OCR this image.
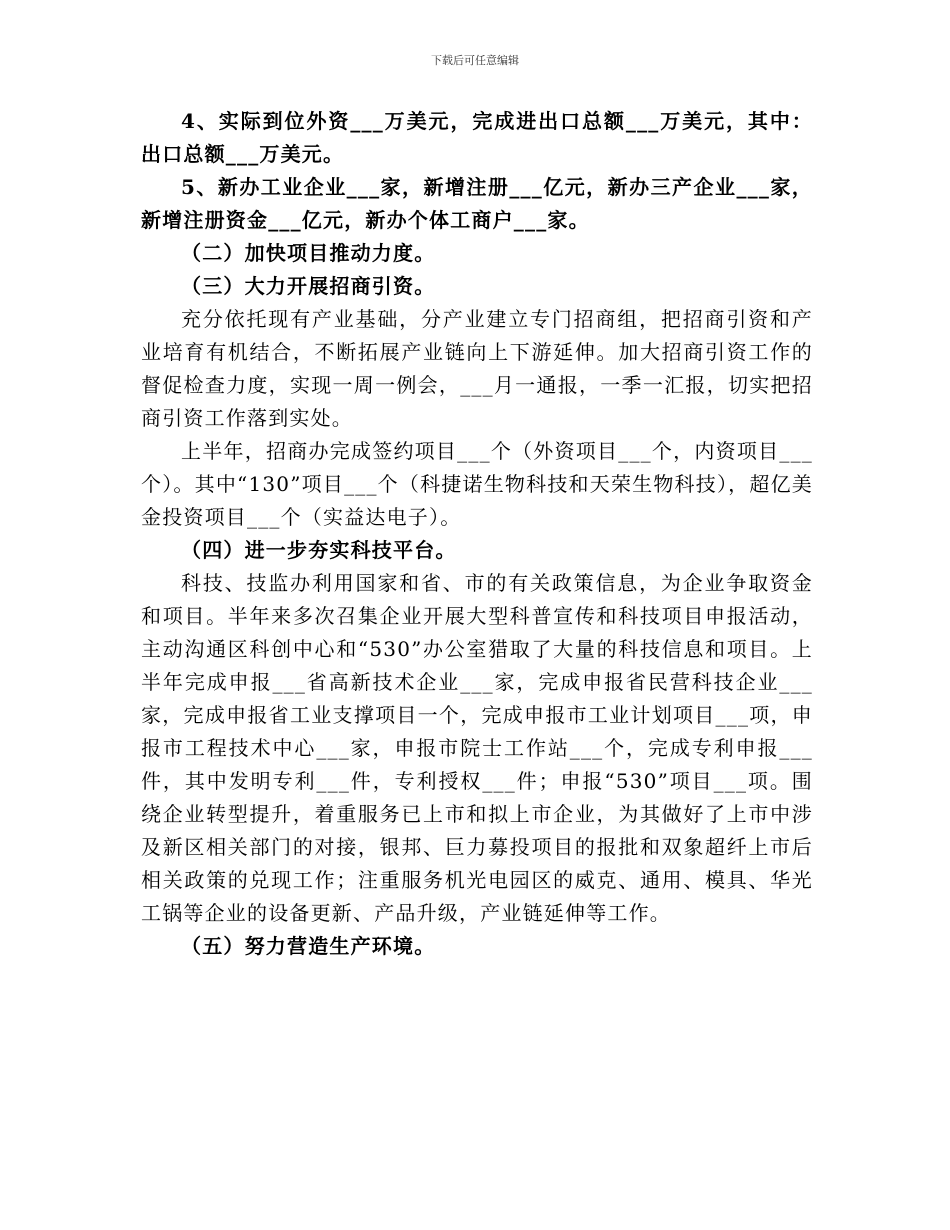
下载后可任意编辑

4、实际到位外资___万美元，完成进出口总额___万美元，其中：出口总额___万美元。

5、新办工业企业___家，新增注册___亿元，新办三产企业___家，新增注册资金___亿元，新办个体工商户___家。

（二）加快项目推动力度。

（三）大力开展招商引资。

充分依托现有产业基础，分产业建立专门招商组，把招商引资和产业培育有机结合，不断拓展产业链向上下游延伸。加大招商引资工作的督促检查力度，实现一周一例会，___月一通报，一季一汇报，切实把招商引资工作落到实处。

上半年，招商办完成签约项目___个（外资项目___个，内资项目___个）。其中“130”项目___个（科捷诺生物科技和天荣生物科技），超亿美金投资项目___个（实益达电子）。

（四）进一步夯实科技平台。

科技、技监办利用国家和省、市的有关政策信息，为企业争取资金和项目。半年来多次召集企业开展大型科普宣传和科技项目申报活动，主动沟通区科创中心和“530”办公室猎取了大量的科技信息和项目。上半年完成申报___省高新技术企业___家，完成申报省民营科技企业___家，完成申报省工业支撑项目一个，完成申报市工业计划项目___项，申报市工程技术中心___家，申报市院士工作站___个，完成专利申报___件，其中发明专利___件，专利授权___件；申报“530”项目___项。围绕企业转型提升，着重服务已上市和拟上市企业，为其做好了上市中涉及新区相关部门的对接，银邦、巨力募投项目的报批和双象超纤上市后相关政策的兑现工作；注重服务机光电园区的威克、通用、模具、华光工锅等企业的设备更新、产品升级，产业链延伸等工作。

（五）努力营造生产环境。
